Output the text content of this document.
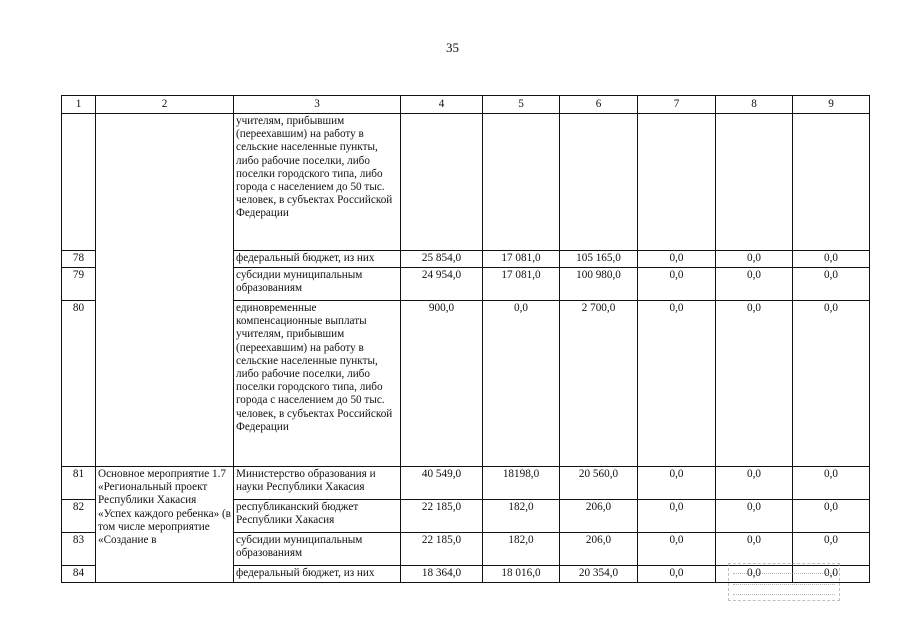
35
1	2	3	4	5	6	7	8	9
		учителям, прибывшим (переехавшим) на работу в сельские населенные пункты, либо рабочие поселки, либо поселки городского типа, либо города с населением до 50 тыс. человек, в субъектах Российской Федерации						
78		федеральный бюджет, из них	25 854,0	17 081,0	105 165,0	0,0	0,0	0,0
79		субсидии муниципальным образованиям	24 954,0	17 081,0	100 980,0	0,0	0,0	0,0
80		единовременные компенсационные выплаты учителям, прибывшим (переехавшим) на работу в сельские населенные пункты, либо рабочие поселки, либо поселки городского типа, либо города с населением до 50 тыс. человек, в субъектах Российской Федерации	900,0	0,0	2 700,0	0,0	0,0	0,0
81	Основное мероприятие 1.7 «Региональный проект Республики Хакасия «Успех каждого ребенка» (в том числе мероприятие «Создание в	Министерство образования и науки Республики Хакасия	40 549,0	18198,0	20 560,0	0,0	0,0	0,0
82		республиканский бюджет Республики Хакасия	22 185,0	182,0	206,0	0,0	0,0	0,0
83		субсидии муниципальным образованиям	22 185,0	182,0	206,0	0,0	0,0	0,0
84		федеральный бюджет, из них	18 364,0	18 016,0	20 354,0	0,0	0,0	0,0
